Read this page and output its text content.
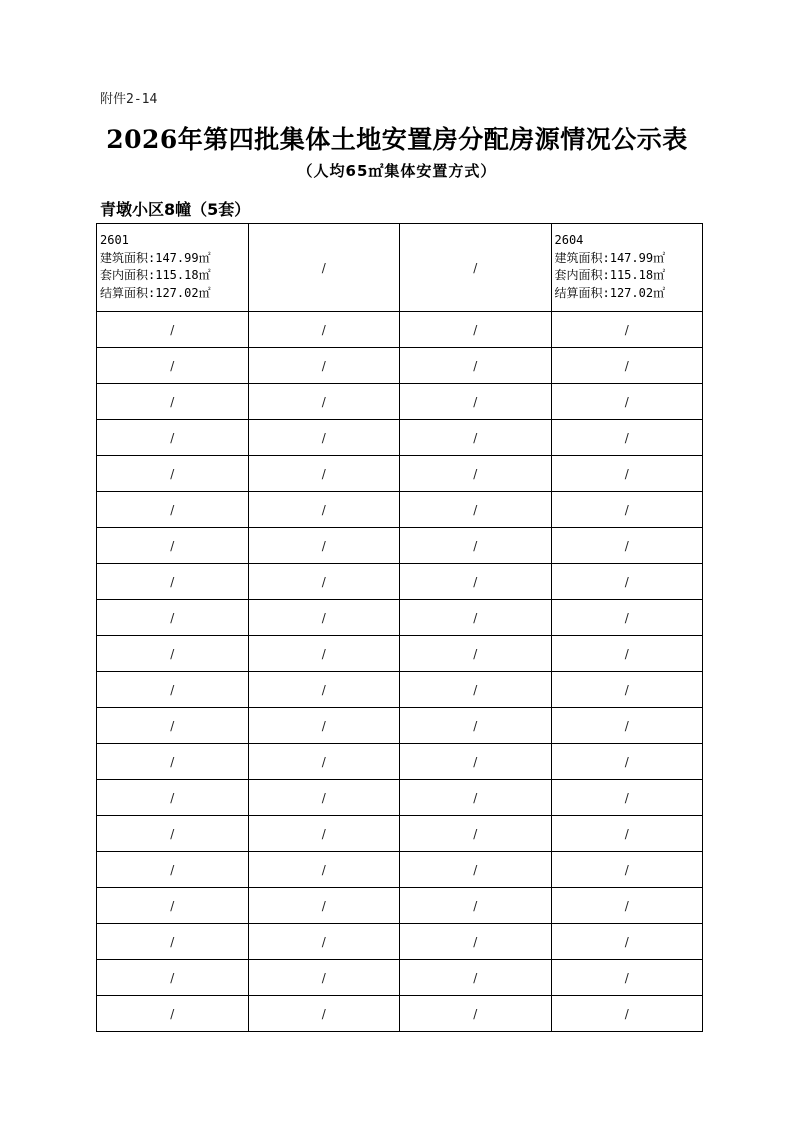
附件2-14
2026年第四批集体土地安置房分配房源情况公示表
（人均65㎡集体安置方式）
青墩小区8幢（5套）
2601
建筑面积:147.99㎡
套内面积:115.18㎡
结算面积:127.02㎡	/	/	2604
建筑面积:147.99㎡
套内面积:115.18㎡
结算面积:127.02㎡

/	/	/	/
/	/	/	/
/	/	/	/
/	/	/	/
/	/	/	/
/	/	/	/
/	/	/	/
/	/	/	/
/	/	/	/
/	/	/	/
/	/	/	/
/	/	/	/
/	/	/	/
/	/	/	/
/	/	/	/
/	/	/	/
/	/	/	/
/	/	/	/
/	/	/	/
/	/	/	/
